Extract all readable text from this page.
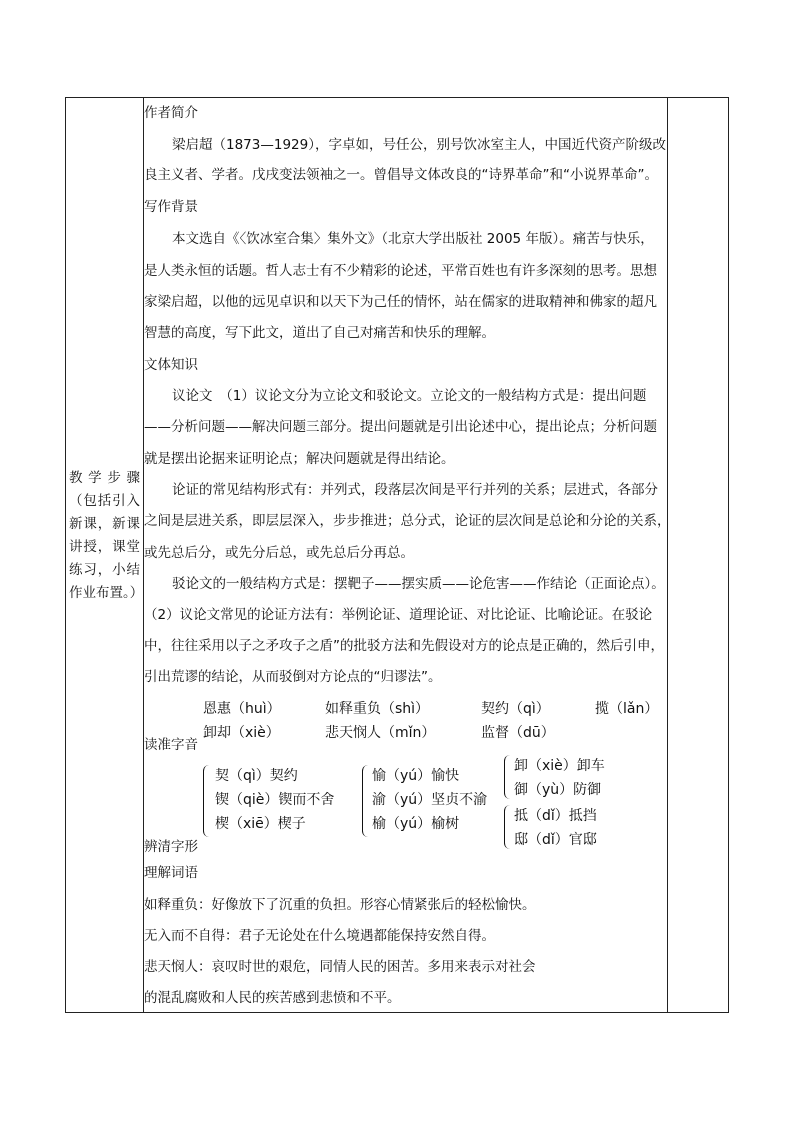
教 学 步 骤
（包括引入
新课，新课
讲授，课堂
练习，小结
作业布置。）
作者简介
梁启超（1873—1929），字卓如，号任公，别号饮冰室主人，中国近代资产阶级改
良主义者、学者。戊戌变法领袖之一。曾倡导文体改良的“诗界革命”和“小说界革命”。
写作背景
本文选自《〈饮冰室合集〉集外文》（北京大学出版社 2005 年版）。痛苦与快乐，
是人类永恒的话题。哲人志士有不少精彩的论述，平常百姓也有许多深刻的思考。思想
家梁启超，以他的远见卓识和以天下为己任的情怀，站在儒家的进取精神和佛家的超凡
智慧的高度，写下此文，道出了自己对痛苦和快乐的理解。
文体知识
议论文　（1）议论文分为立论文和驳论文。立论文的一般结构方式是：提出问题
——分析问题——解决问题三部分。提出问题就是引出论述中心，提出论点；分析问题
就是摆出论据来证明论点；解决问题就是得出结论。
论证的常见结构形式有：并列式，段落层次间是平行并列的关系；层进式，各部分
之间是层进关系，即层层深入，步步推进；总分式，论证的层次间是总论和分论的关系，
或先总后分，或先分后总，或先总后分再总。
驳论文的一般结构方式是：摆靶子——摆实质——论危害——作结论（正面论点）。
（2）议论文常见的论证方法有：举例论证、道理论证、对比论证、比喻论证。在驳论
中，往往采用以子之矛攻子之盾”的批驳方法和先假设对方的论点是正确的，然后引申，
引出荒谬的结论，从而驳倒对方论点的“归谬法”。
恩惠（huì）	如释重负（shì）	契约（qì）	揽（lǎn）
卸却（xiè）	悲天悯人（mǐn）	监督（dū）
读准字音
契（qì）契约
锲（qiè）锲而不舍
楔（xiē）楔子
愉（yú）愉快
渝（yú）坚贞不渝
榆（yú）榆树
卸（xiè）卸车
御（yù）防御
抵（dǐ）抵挡
邸（dǐ）官邸
辨清字形
理解词语
如释重负：好像放下了沉重的负担。形容心情紧张后的轻松愉快。
无入而不自得：君子无论处在什么境遇都能保持安然自得。
悲天悯人：哀叹时世的艰危，同情人民的困苦。多用来表示对社会
的混乱腐败和人民的疾苦感到悲愤和不平。
